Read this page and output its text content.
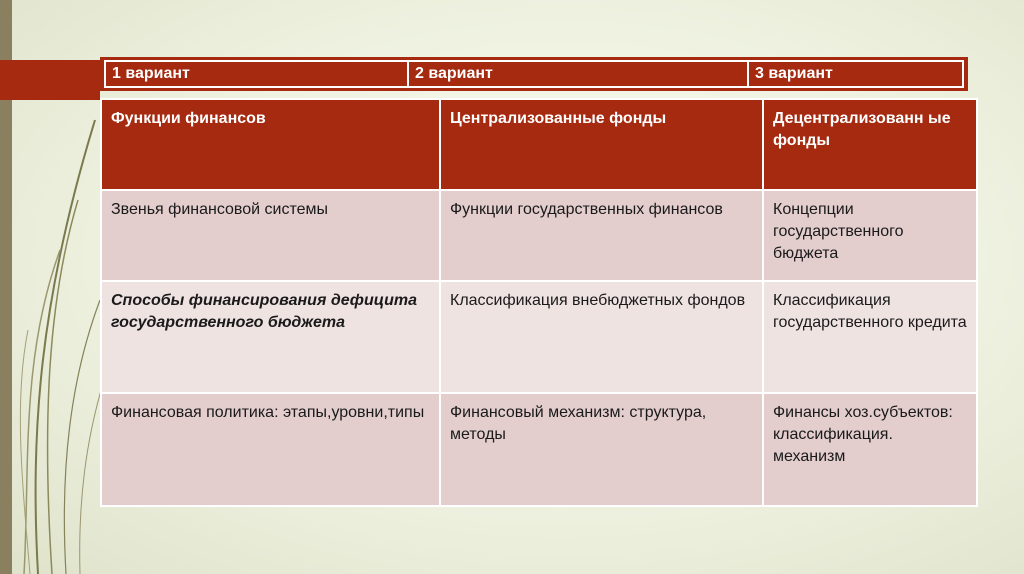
1 вариант	2 вариант	3 вариант
Функции финансов	Централизованные фонды	Децентрализованн ые фонды
Звенья финансовой системы	Функции государственных финансов	Концепции государственного бюджета
Способы финансирования дефицита государственного бюджета	Классификация внебюджетных фондов	Классификация государственного кредита
Финансовая политика: этапы,уровни,типы	Финансовый механизм: структура, методы	Финансы хоз.субъектов: классификация. механизм
